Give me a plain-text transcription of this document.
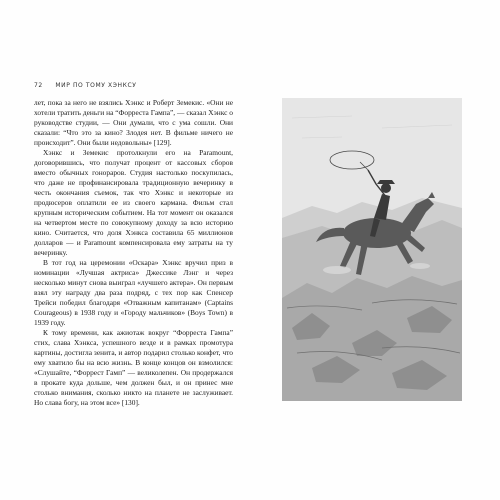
72 МИР ПО ТОМУ ХЭНКСУ

лет, пока за него не взялись Хэнкс и Роберт Земекис. «Они не хотели тратить деньги на “Форреста Гампа”, — сказал Хэнкс о руководстве студии, — Они думали, что с ума сошли. Они сказали: “Что это за кино? Злодея нет. В фильме ничего не происходит”. Они были недовольны» [129].

Хэнкс и Земекис протолкнули его на Paramount, договорившись, что получат процент от кассовых сборов вместо обычных гонораров. Студия настолько поскупилась, что даже не профинансировала традиционную вечеринку в честь окончания съемок, так что Хэнкс и некоторые из продюсеров оплатили ее из своего кармана. Фильм стал крупным историческим событием. На тот момент он оказался на четвертом месте по совокупному доходу за всю историю кино. Считается, что доля Хэнкса составила 65 миллионов долларов — и Paramount компенсировала ему затраты на ту вечеринку.

В тот год на церемонии «Оскара» Хэнкс вручил приз в номинации «Лучшая актриса» Джессике Лэнг и через несколько минут снова выиграл «лучшего актера». Он первым взял эту награду два раза подряд, с тех пор как Спенсер Трейси победил благодаря «Отважным капитанам» (Captains Courageous) в 1938 году и «Городу мальчиков» (Boys Town) в 1939 году.

К тому времени, как ажиотаж вокруг “Форреста Гампа” стих, слава Хэнкса, успешного везде и в рамках промотура картины, достигла зенита, и автор подарил столько конфет, что ему хватило бы на всю жизнь. В конце концов он взмолился: «Слушайте, “Форрест Гамп” — великолепен. Он продержался в прокате куда дольше, чем должен был, и он принес мне столько внимания, сколько никто на планете не заслуживает. Но слава богу, на этом все» [130].
